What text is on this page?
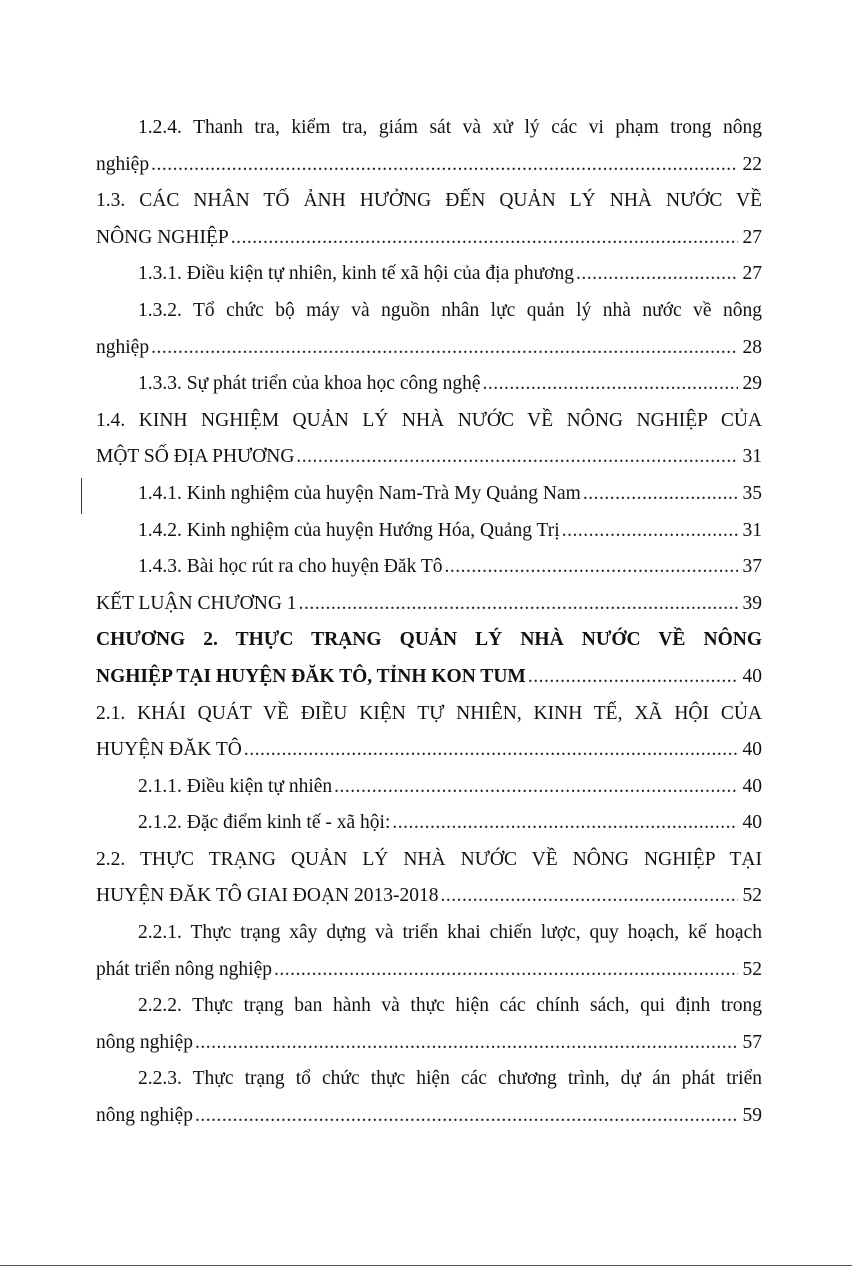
1.2.4. Thanh tra, kiểm tra, giám sát và xử lý các vi phạm trong nông
nghiệp .....	22
1.3. CÁC NHÂN TỐ ẢNH HƯỞNG ĐẾN QUẢN LÝ NHÀ NƯỚC VỀ
NÔNG NGHIỆP .....	27
1.3.1. Điều kiện tự nhiên, kinh tế xã hội của địa phương .....	27
1.3.2. Tổ chức bộ máy và nguồn nhân lực quản lý nhà nước về nông
nghiệp .....	28
1.3.3. Sự phát triển của khoa học công nghệ .....	29
1.4. KINH NGHIỆM QUẢN LÝ NHÀ NƯỚC VỀ NÔNG NGHIỆP CỦA
MỘT SỐ ĐỊA PHƯƠNG .....	31
1.4.1. Kinh nghiệm của huyện Nam-Trà My Quảng Nam .....	35
1.4.2. Kinh nghiệm của huyện Hướng Hóa, Quảng Trị .....	31
1.4.3. Bài học rút ra cho huyện Đăk Tô .....	37
KẾT LUẬN CHƯƠNG 1 .....	39
CHƯƠNG 2. THỰC TRẠNG QUẢN LÝ NHÀ NƯỚC VỀ NÔNG
NGHIỆP TẠI HUYỆN ĐĂK TÔ, TỈNH KON TUM .....	40
2.1. KHÁI QUÁT VỀ ĐIỀU KIỆN TỰ NHIÊN, KINH TẾ, XÃ HỘI CỦA
HUYỆN ĐĂK TÔ .....	40
2.1.1. Điều kiện tự nhiên .....	40
2.1.2. Đặc điểm kinh tế - xã hội: .....	40
2.2. THỰC TRẠNG QUẢN LÝ NHÀ NƯỚC VỀ NÔNG NGHIỆP TẠI
HUYỆN ĐĂK TÔ GIAI ĐOẠN 2013-2018 .....	52
2.2.1. Thực trạng xây dựng và triển khai chiến lược, quy hoạch, kế hoạch
phát triển nông nghiệp .....	52
2.2.2. Thực trạng ban hành và thực hiện các chính sách, qui định trong
nông nghiệp .....	57
2.2.3. Thực trạng tổ chức thực hiện các chương trình, dự án phát triển
nông nghiệp .....	59
